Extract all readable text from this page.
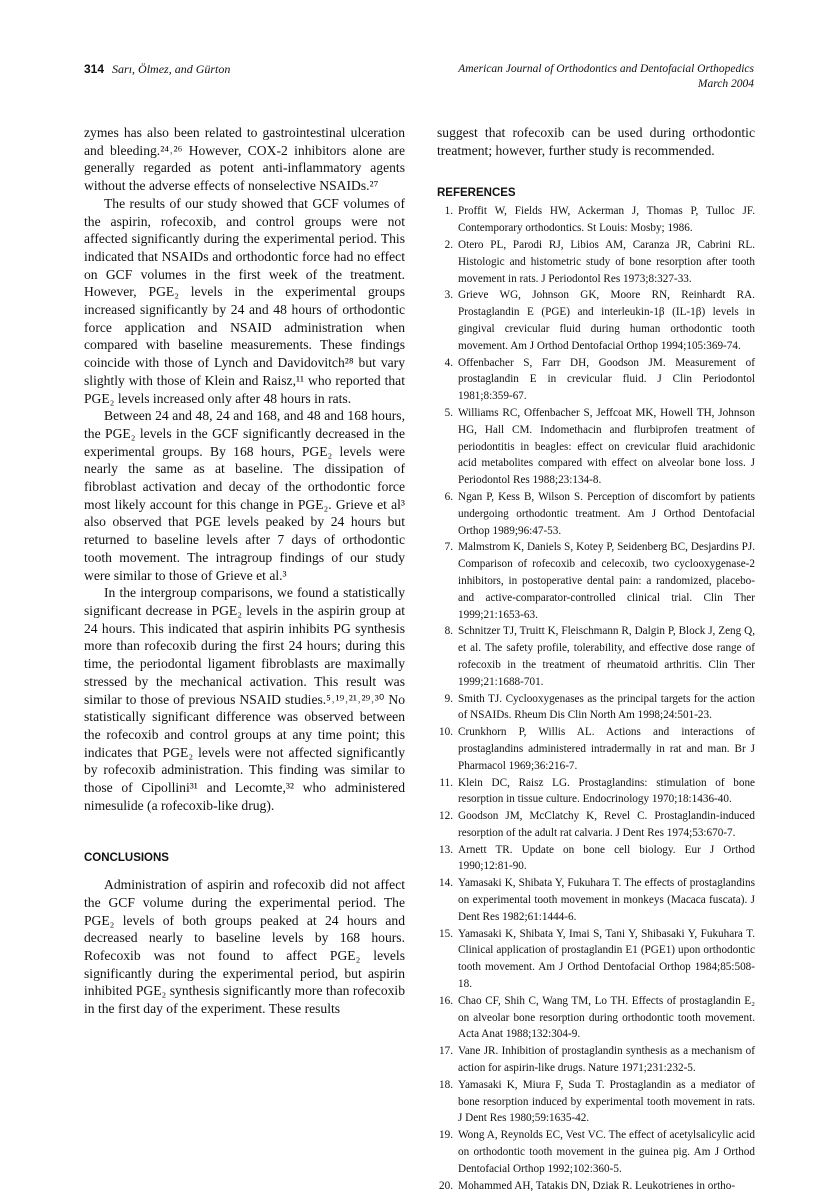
314 Sarı, Ölmez, and Gürton	American Journal of Orthodontics and Dentofacial Orthopedics
March 2004

zymes has also been related to gastrointestinal ulceration and bleeding.²⁴˒²⁶ However, COX-2 inhibitors alone are generally regarded as potent anti-inflammatory agents without the adverse effects of nonselective NSAIDs.²⁷

The results of our study showed that GCF volumes of the aspirin, rofecoxib, and control groups were not affected significantly during the experimental period. This indicated that NSAIDs and orthodontic force had no effect on GCF volumes in the first week of the treatment. However, PGE₂ levels in the experimental groups increased significantly by 24 and 48 hours of orthodontic force application and NSAID administration when compared with baseline measurements. These findings coincide with those of Lynch and Davidovitch²⁸ but vary slightly with those of Klein and Raisz,¹¹ who reported that PGE₂ levels increased only after 48 hours in rats.

Between 24 and 48, 24 and 168, and 48 and 168 hours, the PGE₂ levels in the GCF significantly decreased in the experimental groups. By 168 hours, PGE₂ levels were nearly the same as at baseline. The dissipation of fibroblast activation and decay of the orthodontic force most likely account for this change in PGE₂. Grieve et al³ also observed that PGE levels peaked by 24 hours but returned to baseline levels after 7 days of orthodontic tooth movement. The intragroup findings of our study were similar to those of Grieve et al.³

In the intergroup comparisons, we found a statistically significant decrease in PGE₂ levels in the aspirin group at 24 hours. This indicated that aspirin inhibits PG synthesis more than rofecoxib during the first 24 hours; during this time, the periodontal ligament fibroblasts are maximally stressed by the mechanical activation. This result was similar to those of previous NSAID studies.⁵˒¹⁹˒²¹˒²⁹˒³⁰ No statistically significant difference was observed between the rofecoxib and control groups at any time point; this indicates that PGE₂ levels were not affected significantly by rofecoxib administration. This finding was similar to those of Cipollini³¹ and Lecomte,³² who administered nimesulide (a rofecoxib-like drug).

CONCLUSIONS

Administration of aspirin and rofecoxib did not affect the GCF volume during the experimental period. The PGE₂ levels of both groups peaked at 24 hours and decreased nearly to baseline levels by 168 hours. Rofecoxib was not found to affect PGE₂ levels significantly during the experimental period, but aspirin inhibited PGE₂ synthesis significantly more than rofecoxib in the first day of the experiment. These results

suggest that rofecoxib can be used during orthodontic treatment; however, further study is recommended.

REFERENCES
1. Proffit W, Fields HW, Ackerman J, Thomas P, Tulloc JF. Contemporary orthodontics. St Louis: Mosby; 1986.
2. Otero PL, Parodi RJ, Libios AM, Caranza JR, Cabrini RL. Histologic and histometric study of bone resorption after tooth movement in rats. J Periodontol Res 1973;8:327-33.
3. Grieve WG, Johnson GK, Moore RN, Reinhardt RA. Prostaglandin E (PGE) and interleukin-1β (IL-1β) levels in gingival crevicular fluid during human orthodontic tooth movement. Am J Orthod Dentofacial Orthop 1994;105:369-74.
4. Offenbacher S, Farr DH, Goodson JM. Measurement of prostaglandin E in crevicular fluid. J Clin Periodontol 1981;8:359-67.
5. Williams RC, Offenbacher S, Jeffcoat MK, Howell TH, Johnson HG, Hall CM. Indomethacin and flurbiprofen treatment of periodontitis in beagles: effect on crevicular fluid arachidonic acid metabolites compared with effect on alveolar bone loss. J Periodontol Res 1988;23:134-8.
6. Ngan P, Kess B, Wilson S. Perception of discomfort by patients undergoing orthodontic treatment. Am J Orthod Dentofacial Orthop 1989;96:47-53.
7. Malmstrom K, Daniels S, Kotey P, Seidenberg BC, Desjardins PJ. Comparison of rofecoxib and celecoxib, two cyclooxygenase-2 inhibitors, in postoperative dental pain: a randomized, placebo- and active-comparator-controlled clinical trial. Clin Ther 1999;21:1653-63.
8. Schnitzer TJ, Truitt K, Fleischmann R, Dalgin P, Block J, Zeng Q, et al. The safety profile, tolerability, and effective dose range of rofecoxib in the treatment of rheumatoid arthritis. Clin Ther 1999;21:1688-701.
9. Smith TJ. Cyclooxygenases as the principal targets for the action of NSAIDs. Rheum Dis Clin North Am 1998;24:501-23.
10. Crunkhorn P, Willis AL. Actions and interactions of prostaglandins administered intradermally in rat and man. Br J Pharmacol 1969;36:216-7.
11. Klein DC, Raisz LG. Prostaglandins: stimulation of bone resorption in tissue culture. Endocrinology 1970;18:1436-40.
12. Goodson JM, McClatchy K, Revel C. Prostaglandin-induced resorption of the adult rat calvaria. J Dent Res 1974;53:670-7.
13. Arnett TR. Update on bone cell biology. Eur J Orthod 1990;12:81-90.
14. Yamasaki K, Shibata Y, Fukuhara T. The effects of prostaglandins on experimental tooth movement in monkeys (Macaca fuscata). J Dent Res 1982;61:1444-6.
15. Yamasaki K, Shibata Y, Imai S, Tani Y, Shibasaki Y, Fukuhara T. Clinical application of prostaglandin E1 (PGE1) upon orthodontic tooth movement. Am J Orthod Dentofacial Orthop 1984;85:508-18.
16. Chao CF, Shih C, Wang TM, Lo TH. Effects of prostaglandin E₂ on alveolar bone resorption during orthodontic tooth movement. Acta Anat 1988;132:304-9.
17. Vane JR. Inhibition of prostaglandin synthesis as a mechanism of action for aspirin-like drugs. Nature 1971;231:232-5.
18. Yamasaki K, Miura F, Suda T. Prostaglandin as a mediator of bone resorption induced by experimental tooth movement in rats. J Dent Res 1980;59:1635-42.
19. Wong A, Reynolds EC, Vest VC. The effect of acetylsalicylic acid on orthodontic tooth movement in the guinea pig. Am J Orthod Dentofacial Orthop 1992;102:360-5.
20. Mohammed AH, Tatakis DN, Dziak R. Leukotrienes in ortho-
